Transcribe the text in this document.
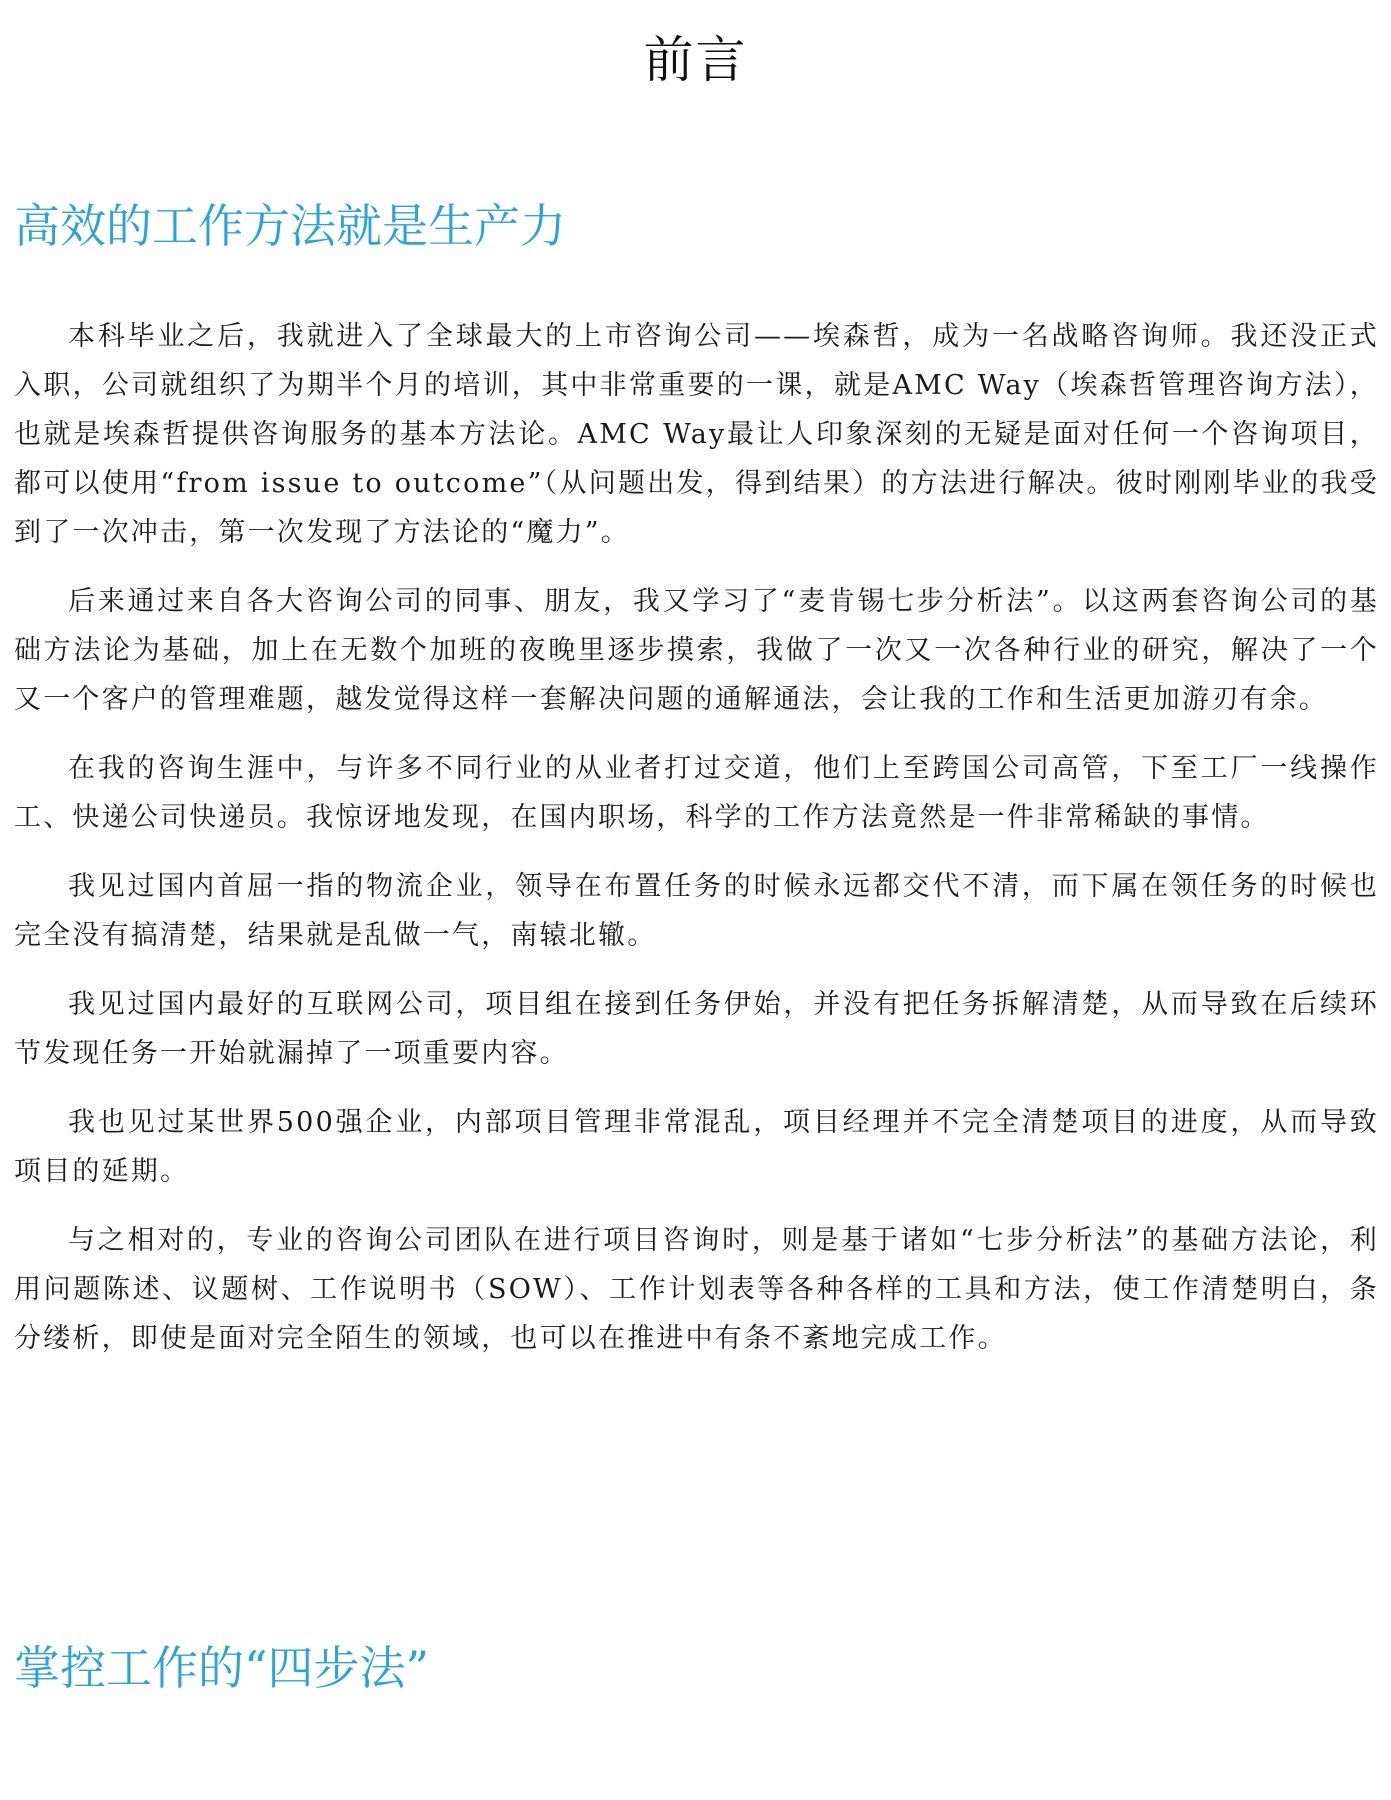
前言
高效的工作方法就是生产力

本科毕业之后，我就进入了全球最大的上市咨询公司——埃森哲，成为一名战略咨询师。我还没正式入职，公司就组织了为期半个月的培训，其中非常重要的一课，就是AMC Way（埃森哲管理咨询方法），也就是埃森哲提供咨询服务的基本方法论。AMC Way最让人印象深刻的无疑是面对任何一个咨询项目，都可以使用“from issue to outcome”（从问题出发，得到结果）的方法进行解决。彼时刚刚毕业的我受到了一次冲击，第一次发现了方法论的“魔力”。

后来通过来自各大咨询公司的同事、朋友，我又学习了“麦肯锡七步分析法”。以这两套咨询公司的基础方法论为基础，加上在无数个加班的夜晚里逐步摸索，我做了一次又一次各种行业的研究，解决了一个又一个客户的管理难题，越发觉得这样一套解决问题的通解通法，会让我的工作和生活更加游刃有余。

在我的咨询生涯中，与许多不同行业的从业者打过交道，他们上至跨国公司高管，下至工厂一线操作工、快递公司快递员。我惊讶地发现，在国内职场，科学的工作方法竟然是一件非常稀缺的事情。

我见过国内首屈一指的物流企业，领导在布置任务的时候永远都交代不清，而下属在领任务的时候也完全没有搞清楚，结果就是乱做一气，南辕北辙。

我见过国内最好的互联网公司，项目组在接到任务伊始，并没有把任务拆解清楚，从而导致在后续环节发现任务一开始就漏掉了一项重要内容。

我也见过某世界500强企业，内部项目管理非常混乱，项目经理并不完全清楚项目的进度，从而导致项目的延期。

与之相对的，专业的咨询公司团队在进行项目咨询时，则是基于诸如“七步分析法”的基础方法论，利用问题陈述、议题树、工作说明书（SOW）、工作计划表等各种各样的工具和方法，使工作清楚明白，条分缕析，即使是面对完全陌生的领域，也可以在推进中有条不紊地完成工作。

掌控工作的“四步法”
